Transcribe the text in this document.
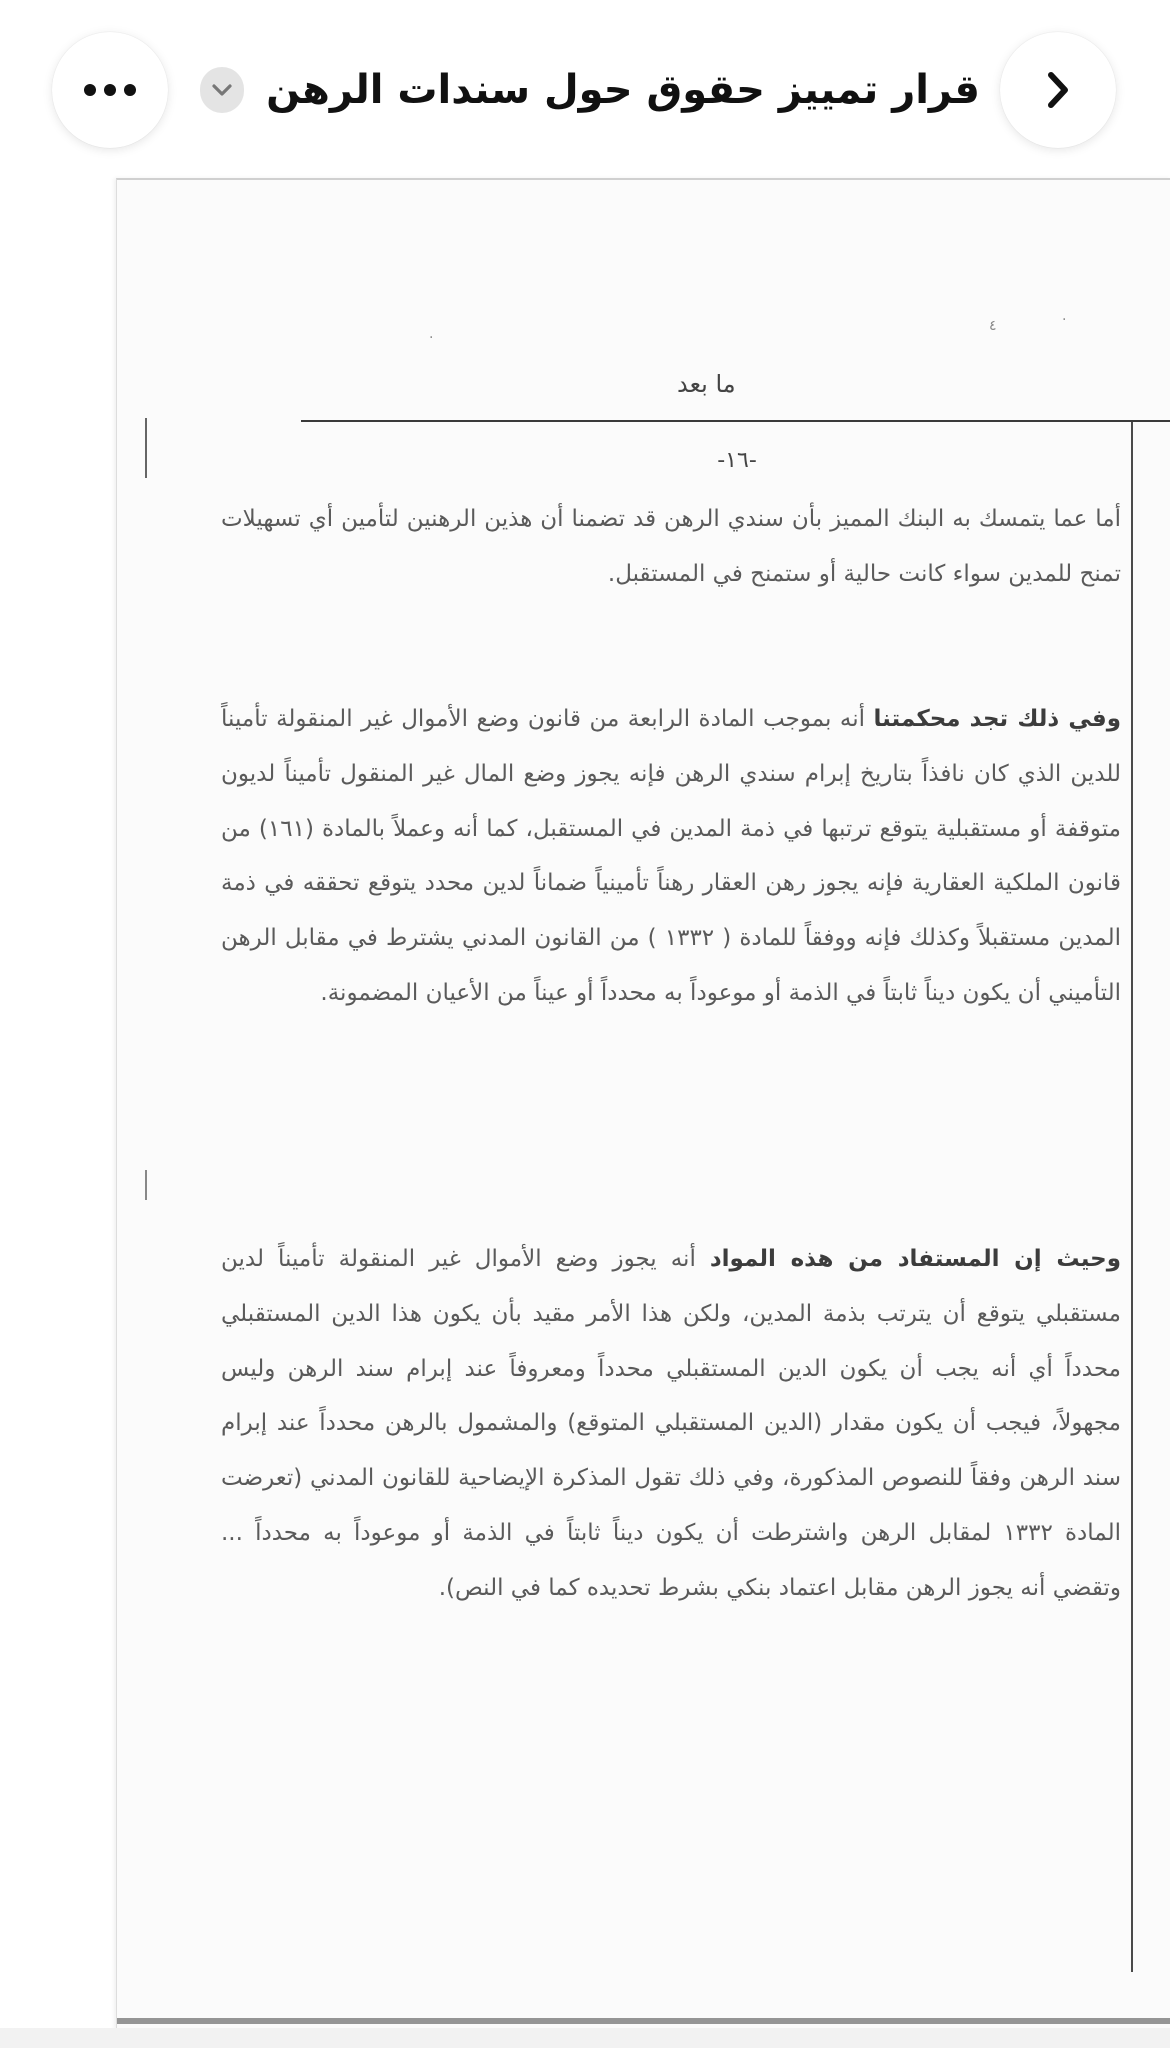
قرار تمييز حقوق حول سندات الرهن
٤	·
·
ما بعد
-١٦-

أما عما يتمسك به البنك المميز بأن سندي الرهن قد تضمنا أن هذين الرهنين لتأمين أي تسهيلات تمنح للمدين سواء كانت حالية أو ستمنح في المستقبل.

وفي ذلك تجد محكمتنا أنه بموجب المادة الرابعة من قانون وضع الأموال غير المنقولة تأميناً للدين الذي كان نافذاً بتاريخ إبرام سندي الرهن فإنه يجوز وضع المال غير المنقول تأميناً لديون متوقفة أو مستقبلية يتوقع ترتبها في ذمة المدين في المستقبل، كما أنه وعملاً بالمادة (١٦١) من قانون الملكية العقارية فإنه يجوز رهن العقار رهناً تأمينياً ضماناً لدين محدد يتوقع تحققه في ذمة المدين مستقبلاً وكذلك فإنه ووفقاً للمادة ( ١٣٣٢ ) من القانون المدني يشترط في مقابل الرهن التأميني أن يكون ديناً ثابتاً في الذمة أو موعوداً به محدداً أو عيناً من الأعيان المضمونة.

وحيث إن المستفاد من هذه المواد أنه يجوز وضع الأموال غير المنقولة تأميناً لدين مستقبلي يتوقع أن يترتب بذمة المدين، ولكن هذا الأمر مقيد بأن يكون هذا الدين المستقبلي محدداً أي أنه يجب أن يكون الدين المستقبلي محدداً ومعروفاً عند إبرام سند الرهن وليس مجهولاً، فيجب أن يكون مقدار (الدين المستقبلي المتوقع) والمشمول بالرهن محدداً عند إبرام سند الرهن وفقاً للنصوص المذكورة، وفي ذلك تقول المذكرة الإيضاحية للقانون المدني (تعرضت المادة ١٣٣٢ لمقابل الرهن واشترطت أن يكون ديناً ثابتاً في الذمة أو موعوداً به محدداً ... وتقضي أنه يجوز الرهن مقابل اعتماد بنكي بشرط تحديده كما في النص).
